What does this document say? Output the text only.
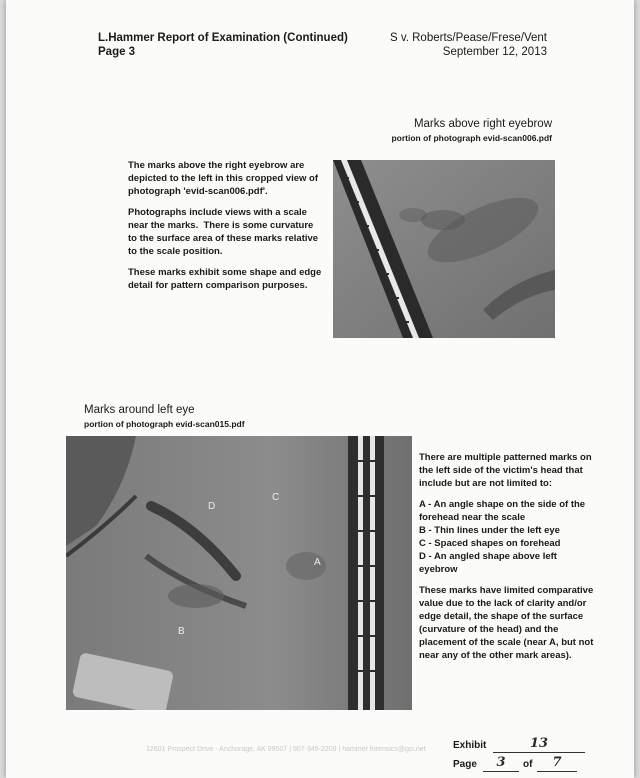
L.Hammer Report of Examination (Continued)
Page 3
S v. Roberts/Pease/Frese/Vent
September 12, 2013
Marks above right eyebrow
portion of photograph evid-scan006.pdf

The marks above the right eyebrow are depicted to the left in this cropped view of photograph 'evid-scan006.pdf'.

Photographs include views with a scale near the marks.  There is some curvature to the surface area of these marks relative to the scale position.

These marks exhibit some shape and edge detail for pattern comparison purposes.

Marks around left eye
portion of photograph evid-scan015.pdf
D
C
A
B

There are multiple patterned marks on the left side of the victim's head that include but are not limited to:

A - An angle shape on the side of the forehead near the scale

B - Thin lines under the left eye

C - Spaced shapes on forehead

D - An angled shape above left eyebrow

These marks have limited comparative value due to the lack of clarity and/or edge detail, the shape of the surface (curvature of the head) and the placement of the scale (near A, but not near any of the other mark areas).

12601 Prospect Drive · Anchorage, AK 99507 | 907-345-2209 | hammer forensics@gci.net	Exhibit	13
Page	3	of	7
